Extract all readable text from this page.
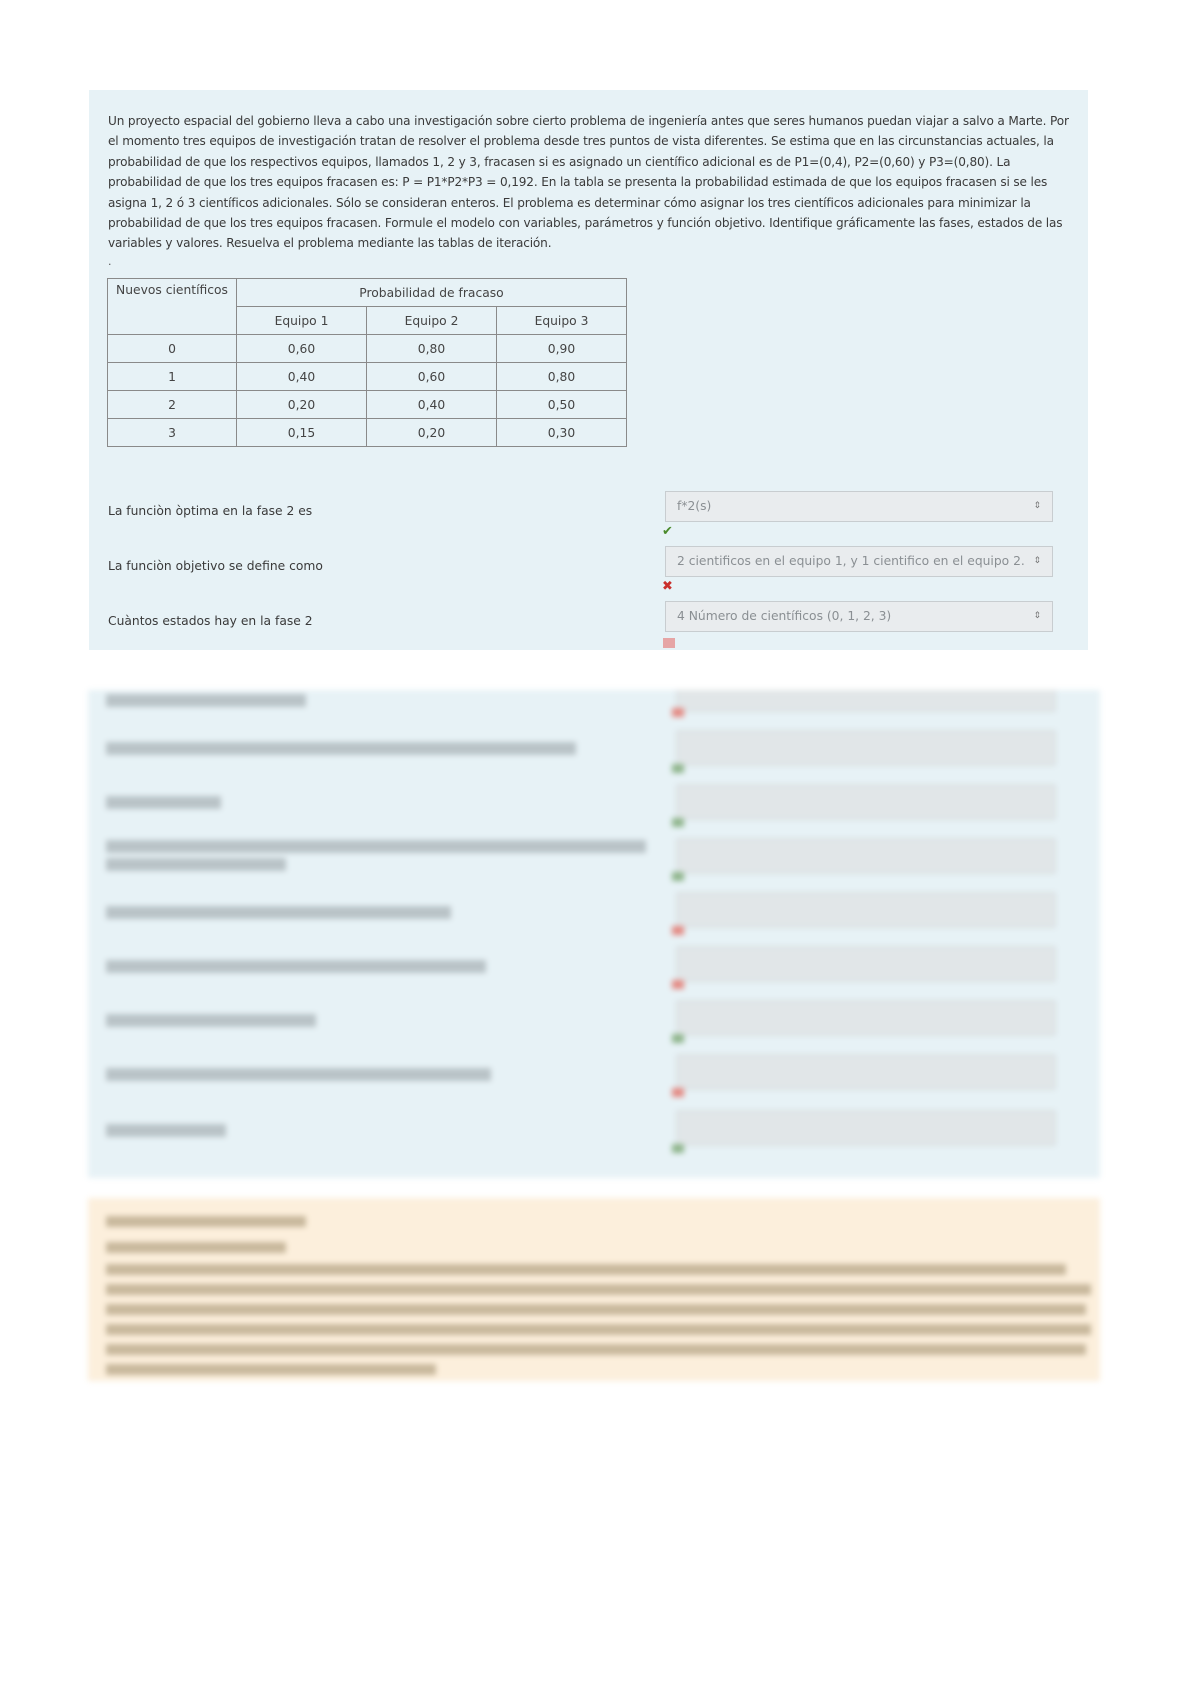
Un proyecto espacial del gobierno lleva a cabo una investigación sobre cierto problema de ingeniería antes que seres humanos puedan viajar a salvo a Marte. Por el momento tres equipos de investigación tratan de resolver el problema desde tres puntos de vista diferentes. Se estima que en las circunstancias actuales, la probabilidad de que los respectivos equipos, llamados 1, 2 y 3, fracasen si es asignado un científico adicional es de P1=(0,4), P2=(0,60) y P3=(0,80). La probabilidad de que los tres equipos fracasen es: P = P1*P2*P3 = 0,192. En la tabla se presenta la probabilidad estimada de que los equipos fracasen si se les asigna 1, 2 ó 3 científicos adicionales. Sólo se consideran enteros. El problema es determinar cómo asignar los tres científicos adicionales para minimizar la probabilidad de que los tres equipos fracasen. Formule el modelo con variables, parámetros y función objetivo. Identifique gráficamente las fases, estados de las variables y valores. Resuelva el problema mediante las tablas de iteración.
.
Nuevos científicos	Probabilidad de fracaso		
	Equipo 1	Equipo 2	Equipo 3
0	0,60	0,80	0,90
1	0,40	0,60	0,80
2	0,20	0,40	0,50
3	0,15	0,20	0,30
La funciòn òptima en la fase 2 es	f*2(s)	⇕
✔
La funciòn objetivo se define como	2 cientificos en el equipo 1, y 1 cientifico en el equipo 2. ⇕
✖
Cuàntos estados hay en la fase 2	4 Número de científicos (0, 1, 2, 3)	⇕
